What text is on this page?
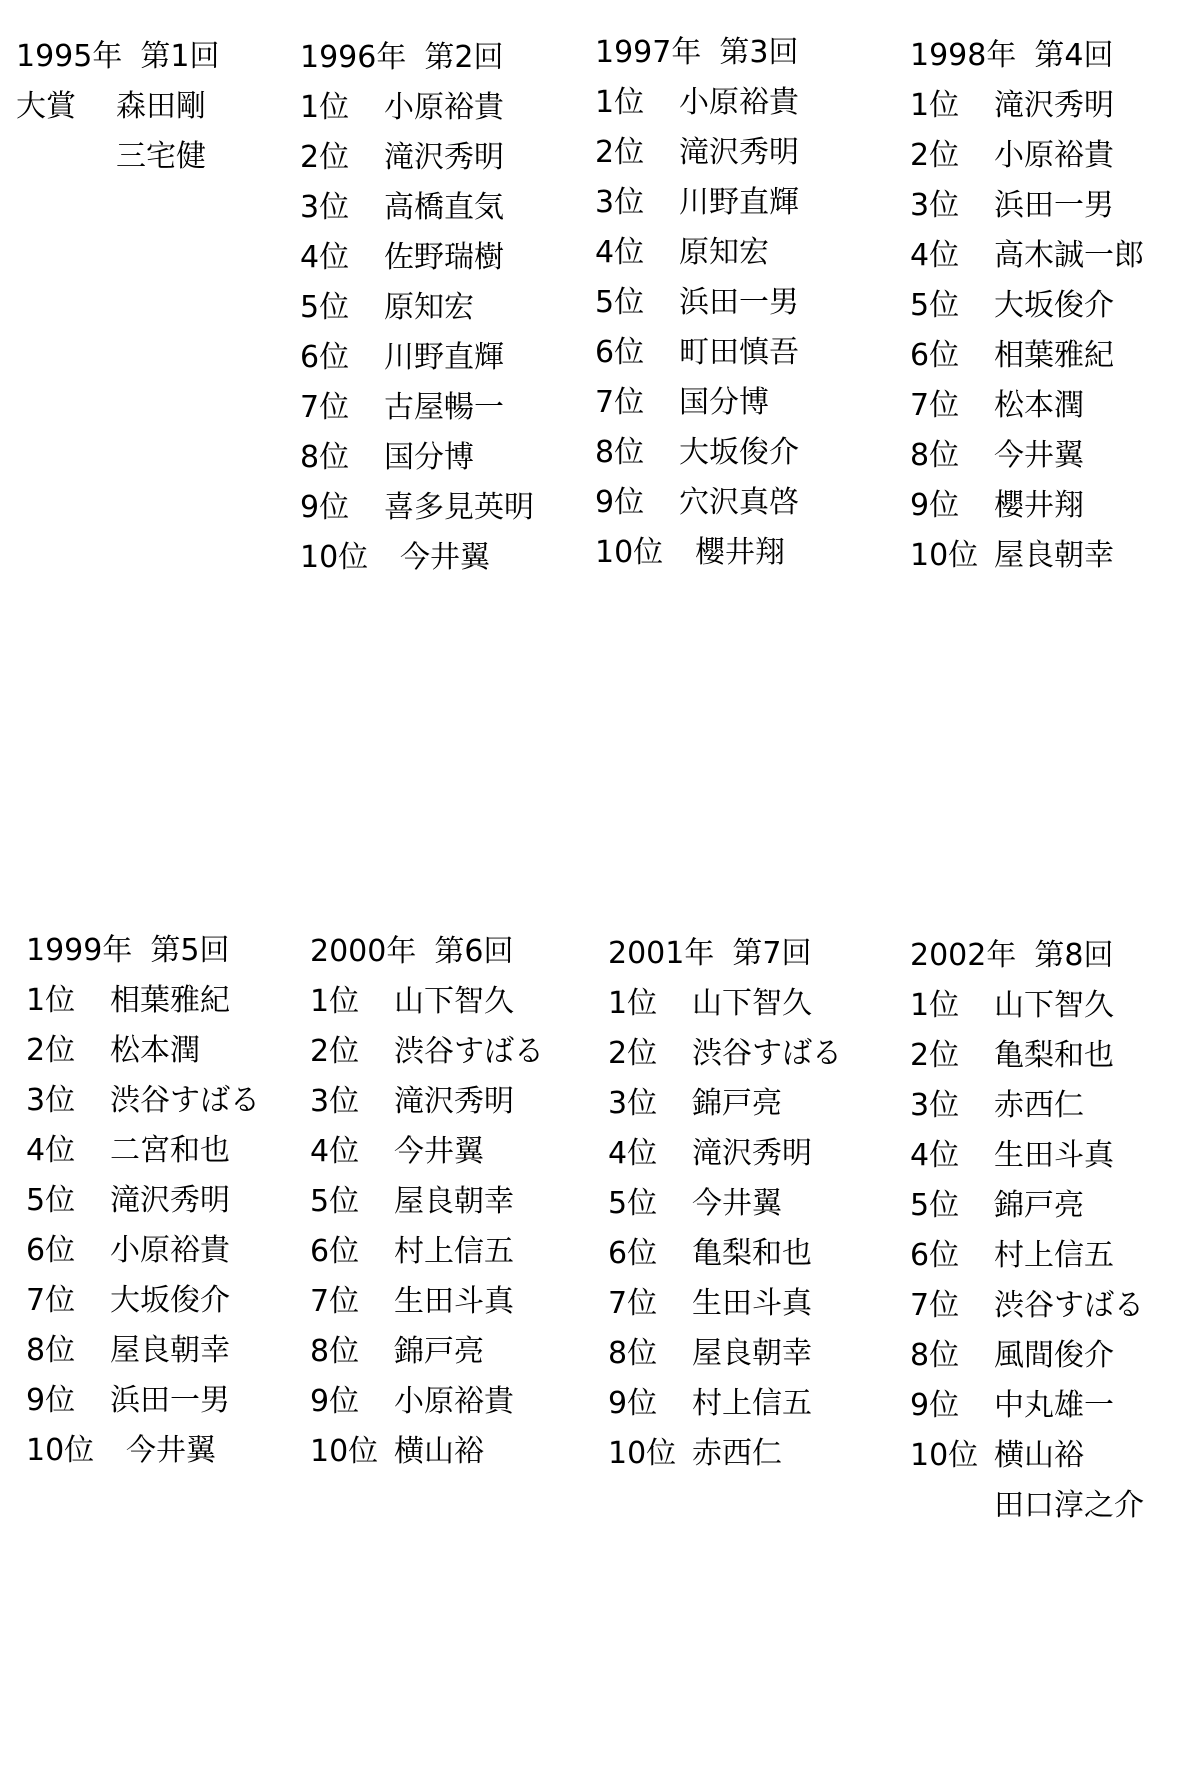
1995年 第1回
大賞	森田剛
三宅健
1996年 第2回
1位	小原裕貴
2位	滝沢秀明
3位	高橋直気
4位	佐野瑞樹
5位	原知宏
6位	川野直輝
7位	古屋暢一
8位	国分博
9位	喜多見英明
10位	今井翼
1997年 第3回
1位	小原裕貴
2位	滝沢秀明
3位	川野直輝
4位	原知宏
5位	浜田一男
6位	町田慎吾
7位	国分博
8位	大坂俊介
9位	穴沢真啓
10位	櫻井翔
1998年 第4回
1位	滝沢秀明
2位	小原裕貴
3位	浜田一男
4位	高木誠一郎
5位	大坂俊介
6位	相葉雅紀
7位	松本潤
8位	今井翼
9位	櫻井翔
10位 屋良朝幸
1999年 第5回
1位	相葉雅紀
2位	松本潤
3位	渋谷すばる
4位	二宮和也
5位	滝沢秀明
6位	小原裕貴
7位	大坂俊介
8位	屋良朝幸
9位	浜田一男
10位	今井翼
2000年 第6回
1位	山下智久
2位	渋谷すばる
3位	滝沢秀明
4位	今井翼
5位	屋良朝幸
6位	村上信五
7位	生田斗真
8位	錦戸亮
9位	小原裕貴
10位 横山裕
2001年 第7回
1位	山下智久
2位	渋谷すばる
3位	錦戸亮
4位	滝沢秀明
5位	今井翼
6位	亀梨和也
7位	生田斗真
8位	屋良朝幸
9位	村上信五
10位 赤西仁
2002年 第8回
1位	山下智久
2位	亀梨和也
3位	赤西仁
4位	生田斗真
5位	錦戸亮
6位	村上信五
7位	渋谷すばる
8位	風間俊介
9位	中丸雄一
10位 横山裕
田口淳之介
